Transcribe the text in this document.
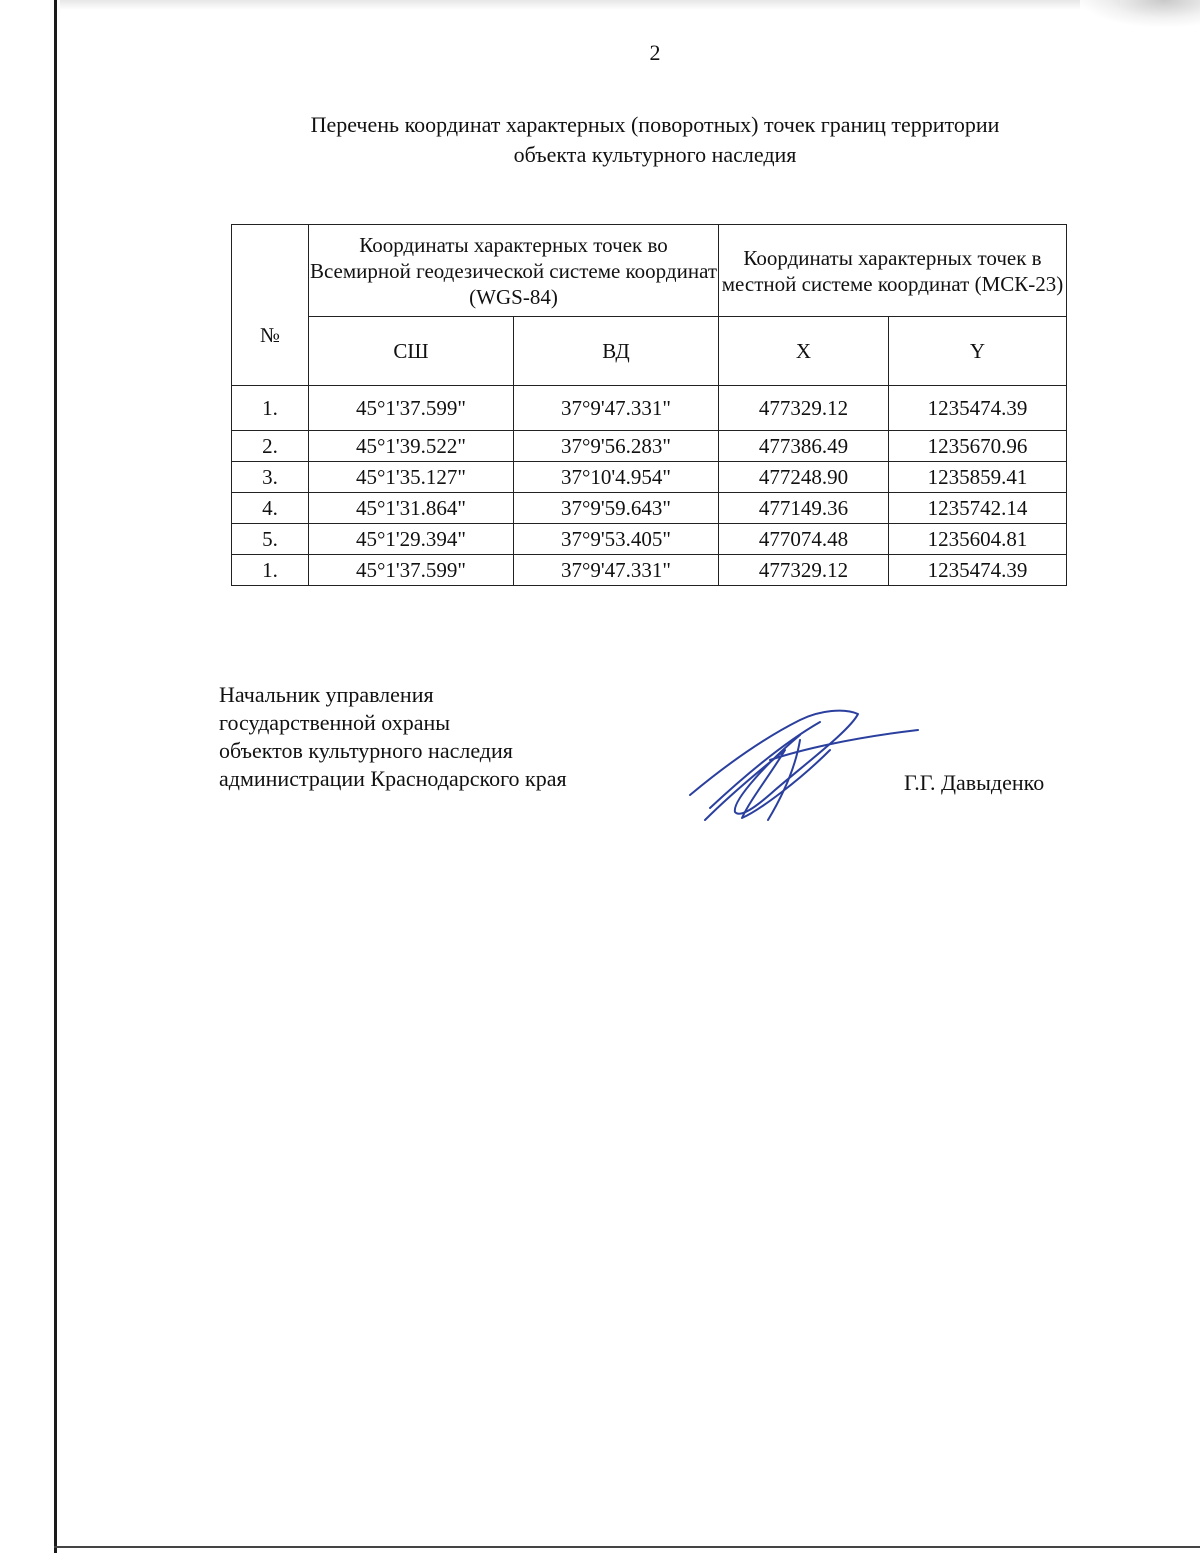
2
Перечень координат характерных (поворотных) точек границ территории
объекта культурного наследия
№	Координаты характерных точек во Всемирной геодезической системе координат (WGS-84)		Координаты характерных точек в местной системе координат (МСК-23)	
	СШ	ВД	X	Y
1.	45°1'37.599"	37°9'47.331"	477329.12	1235474.39
2.	45°1'39.522"	37°9'56.283"	477386.49	1235670.96
3.	45°1'35.127"	37°10'4.954"	477248.90	1235859.41
4.	45°1'31.864"	37°9'59.643"	477149.36	1235742.14
5.	45°1'29.394"	37°9'53.405"	477074.48	1235604.81
1.	45°1'37.599"	37°9'47.331"	477329.12	1235474.39
Начальник управления
государственной охраны
объектов культурного наследия
администрации Краснодарского края	Г.Г. Давыденко
